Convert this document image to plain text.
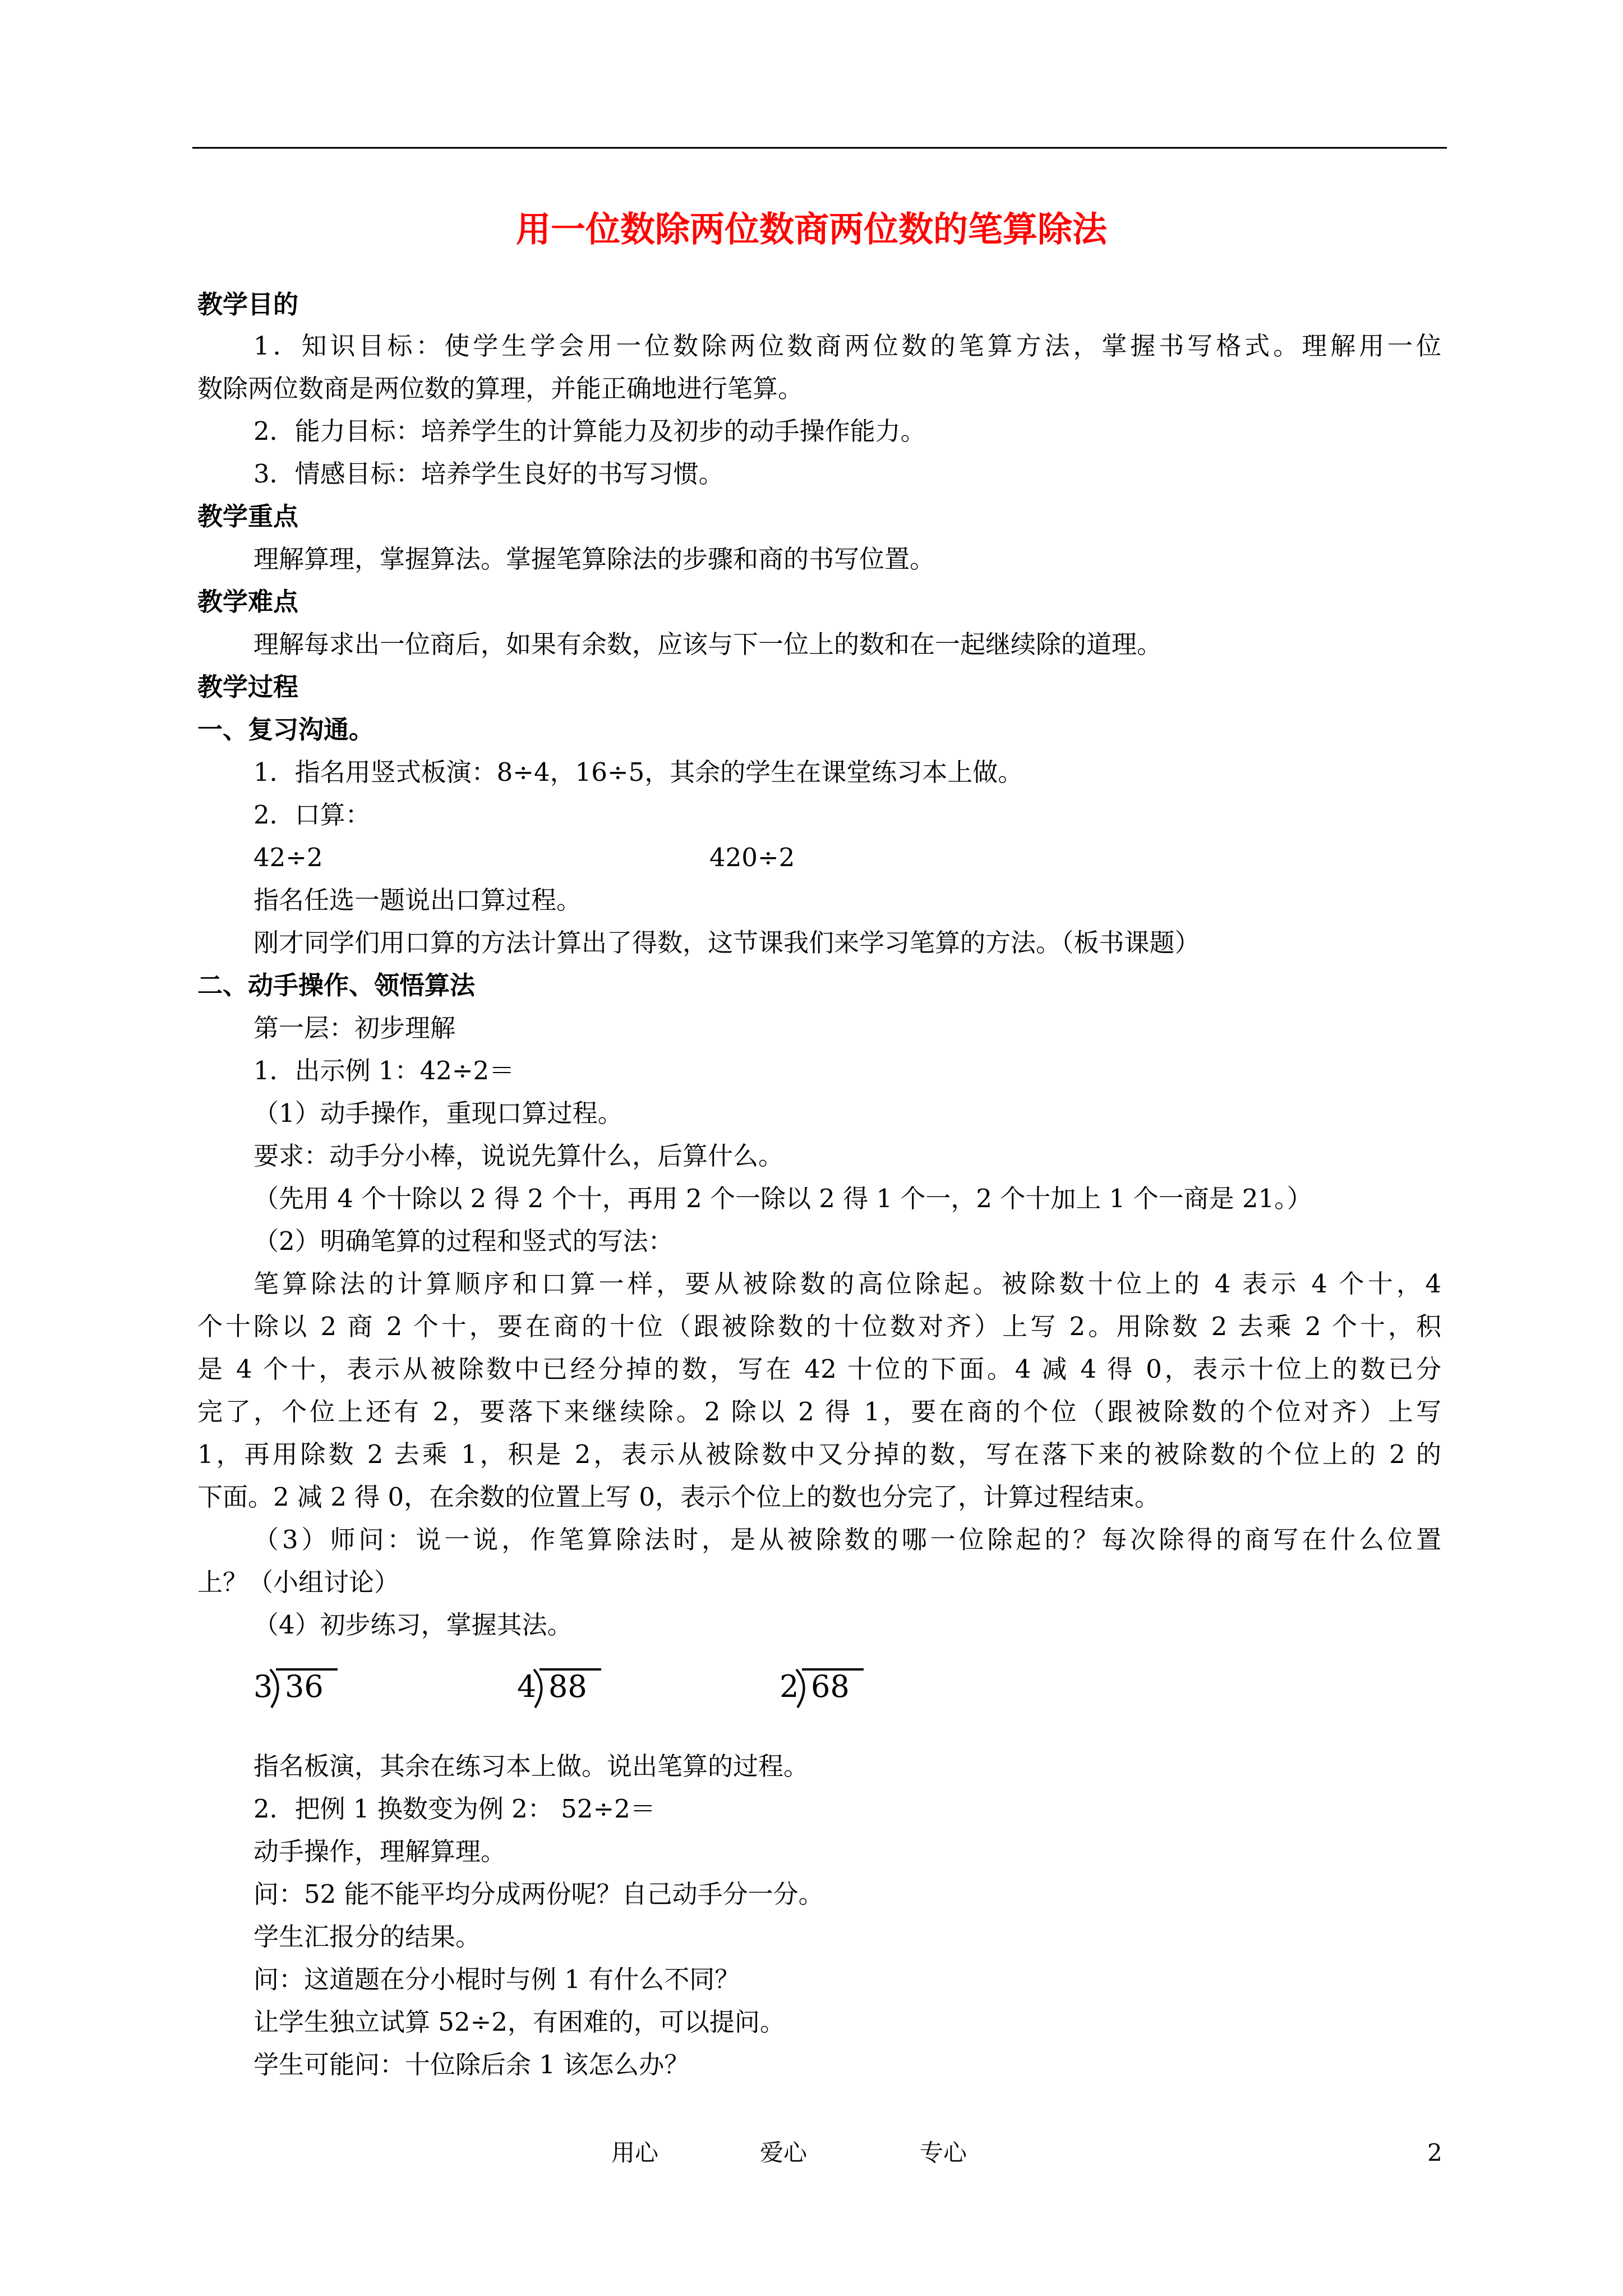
用一位数除两位数商两位数的笔算除法
教学目的
1．知识目标：使学生学会用一位数除两位数商两位数的笔算方法，掌握书写格式。理解用一位
数除两位数商是两位数的算理，并能正确地进行笔算。
2．能力目标：培养学生的计算能力及初步的动手操作能力。
3．情感目标：培养学生良好的书写习惯。
教学重点
理解算理，掌握算法。掌握笔算除法的步骤和商的书写位置。
教学难点
理解每求出一位商后，如果有余数，应该与下一位上的数和在一起继续除的道理。
教学过程
一、复习沟通。
1．指名用竖式板演：8÷4，16÷5，其余的学生在课堂练习本上做。
2．口算：
42÷2	420÷2
指名任选一题说出口算过程。
刚才同学们用口算的方法计算出了得数，这节课我们来学习笔算的方法。（板书课题）
二、动手操作、领悟算法
第一层：初步理解
1．出示例 1：42÷2＝
（1）动手操作，重现口算过程。
要求：动手分小棒，说说先算什么，后算什么。
（先用 4 个十除以 2 得 2 个十，再用 2 个一除以 2 得 1 个一，2 个十加上 1 个一商是 21。）
（2）明确笔算的过程和竖式的写法：
笔算除法的计算顺序和口算一样，要从被除数的高位除起。被除数十位上的 4 表示 4 个十，4
个十除以 2 商 2 个十，要在商的十位（跟被除数的十位数对齐）上写 2。用除数 2 去乘 2 个十，积
是 4 个十，表示从被除数中已经分掉的数，写在 42 十位的下面。4 减 4 得 0，表示十位上的数已分
完了，个位上还有 2，要落下来继续除。2 除以 2 得 1，要在商的个位（跟被除数的个位对齐）上写
1，再用除数 2 去乘 1，积是 2，表示从被除数中又分掉的数，写在落下来的被除数的个位上的 2 的
下面。2 减 2 得 0，在余数的位置上写 0，表示个位上的数也分完了，计算过程结束。
（3）师问：说一说，作笔算除法时，是从被除数的哪一位除起的？每次除得的商写在什么位置
上？（小组讨论）
（4）初步练习，掌握其法。
3 36	4 88	2 68
指名板演，其余在练习本上做。说出笔算的过程。
2．把例 1 换数变为例 2： 52÷2＝
动手操作，理解算理。
问：52 能不能平均分成两份呢？自己动手分一分。
学生汇报分的结果。
问：这道题在分小棍时与例 1 有什么不同？
让学生独立试算 52÷2，有困难的，可以提问。
学生可能问：十位除后余 1 该怎么办？
用心	爱心	专心	2
